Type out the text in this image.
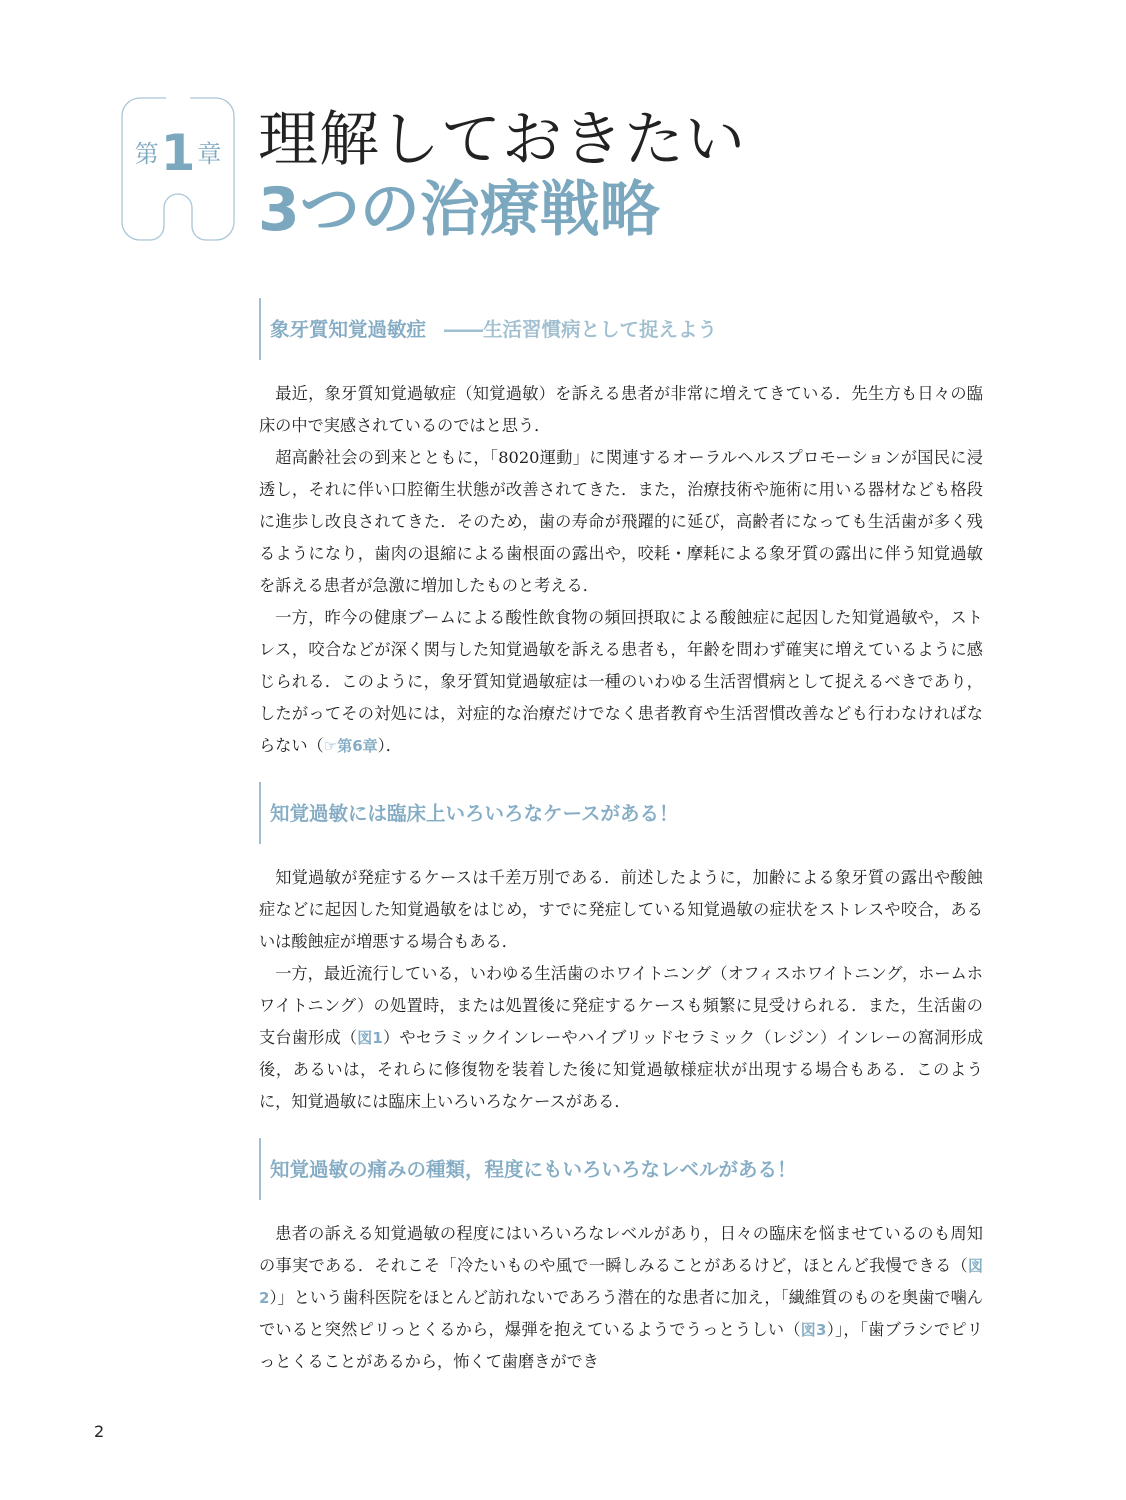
第1章 理解しておきたい
3つの治療戦略
象牙質知覚過敏症 ――生活習慣病として捉えよう

最近，象牙質知覚過敏症（知覚過敏）を訴える患者が非常に増えてきている．先生方も日々の臨床の中で実感されているのではと思う．

超高齢社会の到来とともに，「8020運動」に関連するオーラルヘルスプロモーションが国民に浸透し，それに伴い口腔衛生状態が改善されてきた．また，治療技術や施術に用いる器材なども格段に進歩し改良されてきた．そのため，歯の寿命が飛躍的に延び，高齢者になっても生活歯が多く残るようになり，歯肉の退縮による歯根面の露出や，咬耗・摩耗による象牙質の露出に伴う知覚過敏を訴える患者が急激に増加したものと考える．

一方，昨今の健康ブームによる酸性飲食物の頻回摂取による酸蝕症に起因した知覚過敏や，ストレス，咬合などが深く関与した知覚過敏を訴える患者も，年齢を問わず確実に増えているように感じられる．このように，象牙質知覚過敏症は一種のいわゆる生活習慣病として捉えるべきであり，したがってその対処には，対症的な治療だけでなく患者教育や生活習慣改善なども行わなければならない（☞第6章）．

知覚過敏には臨床上いろいろなケースがある！

知覚過敏が発症するケースは千差万別である．前述したように，加齢による象牙質の露出や酸蝕症などに起因した知覚過敏をはじめ，すでに発症している知覚過敏の症状をストレスや咬合，あるいは酸蝕症が増悪する場合もある．

一方，最近流行している，いわゆる生活歯のホワイトニング（オフィスホワイトニング，ホームホワイトニング）の処置時，または処置後に発症するケースも頻繁に見受けられる．また，生活歯の支台歯形成（図1）やセラミックインレーやハイブリッドセラミック（レジン）インレーの窩洞形成後，あるいは，それらに修復物を装着した後に知覚過敏様症状が出現する場合もある．このように，知覚過敏には臨床上いろいろなケースがある．

知覚過敏の痛みの種類，程度にもいろいろなレベルがある！

患者の訴える知覚過敏の程度にはいろいろなレベルがあり，日々の臨床を悩ませているのも周知の事実である．それこそ「冷たいものや風で一瞬しみることがあるけど，ほとんど我慢できる（図2）」という歯科医院をほとんど訪れないであろう潜在的な患者に加え，「繊維質のものを奥歯で噛んでいると突然ピリっとくるから，爆弾を抱えているようでうっとうしい（図3）」，「歯ブラシでピリっとくることがあるから，怖くて歯磨きができ

2
